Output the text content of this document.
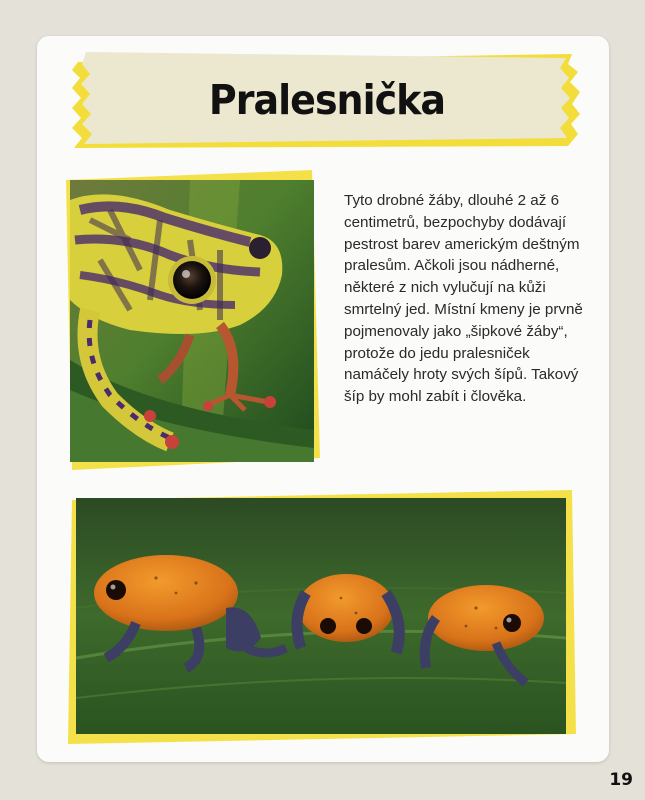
Pralesnička
Tyto drobné žáby, dlouhé 2 až 6 centimetrů, bezpochyby dodávají pestrost barev americkým deštným pralesům. Ačkoli jsou nádherné, některé z nich vylučují na kůži smrtelný jed. Místní kmeny je prvně pojmenovaly jako „šipkové žáby“, protože do jedu pralesniček namáčely hroty svých šípů. Takový šíp by mohl zabít i člověka.
19
